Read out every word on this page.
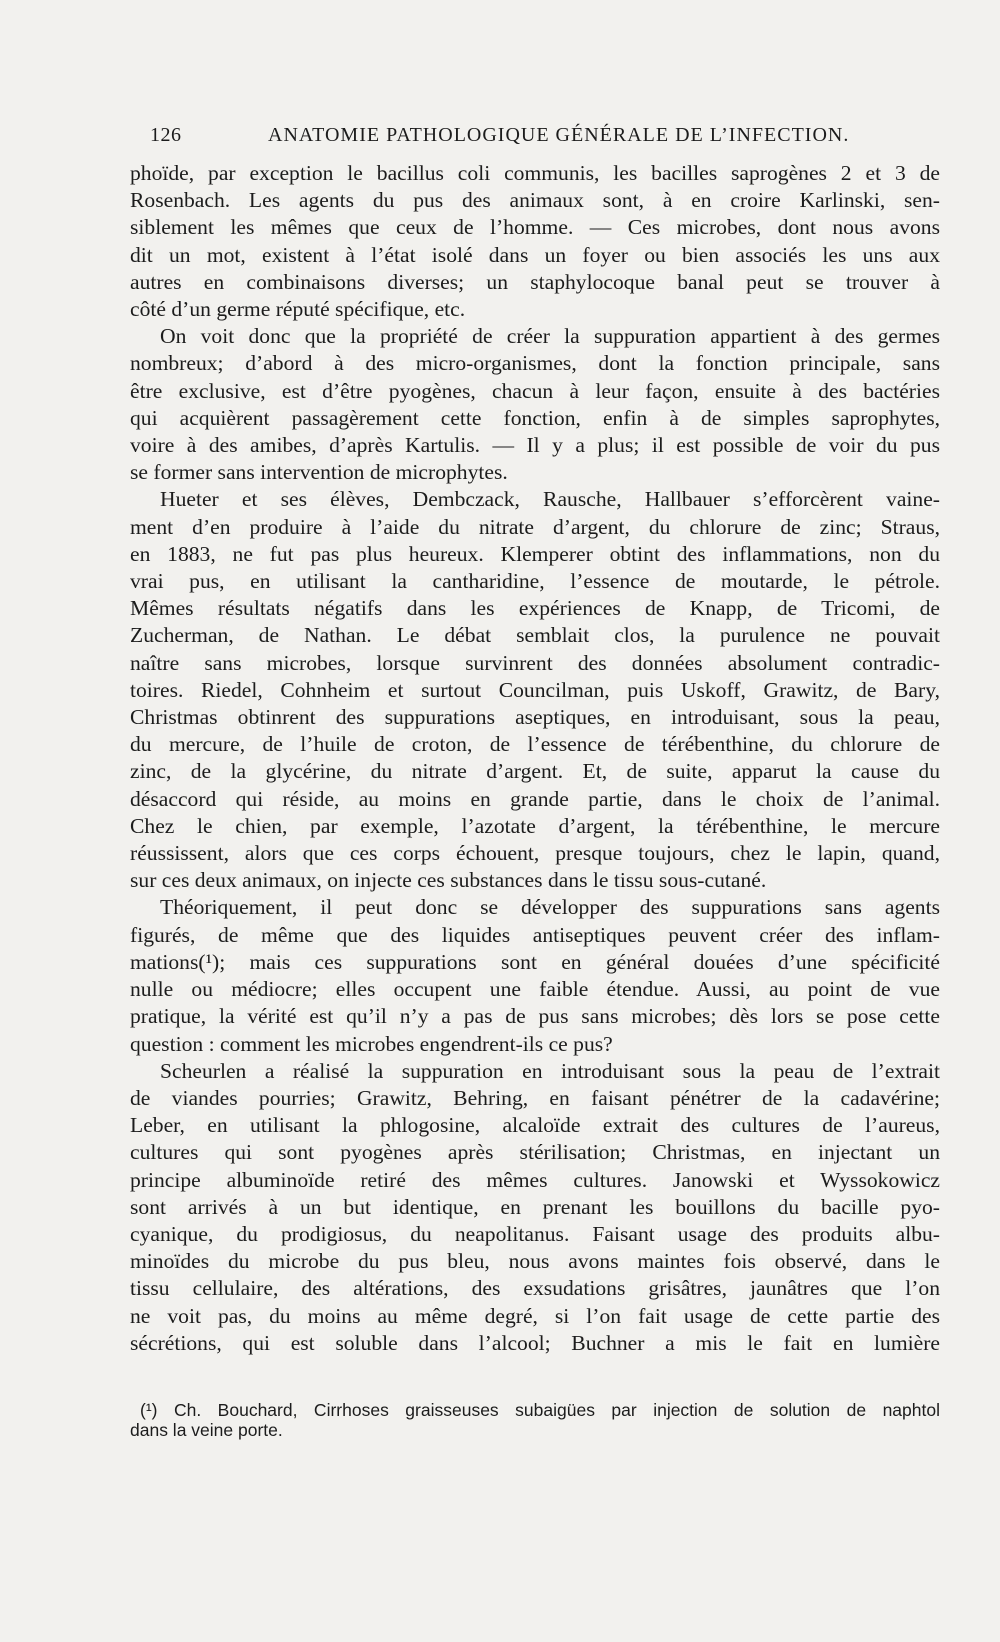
126	ANATOMIE PATHOLOGIQUE GÉNÉRALE DE L’INFECTION.
phoïde, par exception le bacillus coli communis, les bacilles saprogènes 2 et 3 de
Rosenbach. Les agents du pus des animaux sont, à en croire Karlinski, sen-
siblement les mêmes que ceux de l’homme. — Ces microbes, dont nous avons
dit un mot, existent à l’état isolé dans un foyer ou bien associés les uns aux
autres en combinaisons diverses; un staphylocoque banal peut se trouver à
côté d’un germe réputé spécifique, etc.
On voit donc que la propriété de créer la suppuration appartient à des germes
nombreux; d’abord à des micro-organismes, dont la fonction principale, sans
être exclusive, est d’être pyogènes, chacun à leur façon, ensuite à des bactéries
qui acquièrent passagèrement cette fonction, enfin à de simples saprophytes,
voire à des amibes, d’après Kartulis. — Il y a plus; il est possible de voir du pus
se former sans intervention de microphytes.
Hueter et ses élèves, Dembczack, Rausche, Hallbauer s’efforcèrent vaine-
ment d’en produire à l’aide du nitrate d’argent, du chlorure de zinc; Straus,
en 1883, ne fut pas plus heureux. Klemperer obtint des inflammations, non du
vrai pus, en utilisant la cantharidine, l’essence de moutarde, le pétrole.
Mêmes résultats négatifs dans les expériences de Knapp, de Tricomi, de
Zucherman, de Nathan. Le débat semblait clos, la purulence ne pouvait
naître sans microbes, lorsque survinrent des données absolument contradic-
toires. Riedel, Cohnheim et surtout Councilman, puis Uskoff, Grawitz, de Bary,
Christmas obtinrent des suppurations aseptiques, en introduisant, sous la peau,
du mercure, de l’huile de croton, de l’essence de térébenthine, du chlorure de
zinc, de la glycérine, du nitrate d’argent. Et, de suite, apparut la cause du
désaccord qui réside, au moins en grande partie, dans le choix de l’animal.
Chez le chien, par exemple, l’azotate d’argent, la térébenthine, le mercure
réussissent, alors que ces corps échouent, presque toujours, chez le lapin, quand,
sur ces deux animaux, on injecte ces substances dans le tissu sous-cutané.
Théoriquement, il peut donc se développer des suppurations sans agents
figurés, de même que des liquides antiseptiques peuvent créer des inflam-
mations(¹); mais ces suppurations sont en général douées d’une spécificité
nulle ou médiocre; elles occupent une faible étendue. Aussi, au point de vue
pratique, la vérité est qu’il n’y a pas de pus sans microbes; dès lors se pose cette
question : comment les microbes engendrent-ils ce pus?
Scheurlen a réalisé la suppuration en introduisant sous la peau de l’extrait
de viandes pourries; Grawitz, Behring, en faisant pénétrer de la cadavérine;
Leber, en utilisant la phlogosine, alcaloïde extrait des cultures de l’aureus,
cultures qui sont pyogènes après stérilisation; Christmas, en injectant un
principe albuminoïde retiré des mêmes cultures. Janowski et Wyssokowicz
sont arrivés à un but identique, en prenant les bouillons du bacille pyo-
cyanique, du prodigiosus, du neapolitanus. Faisant usage des produits albu-
minoïdes du microbe du pus bleu, nous avons maintes fois observé, dans le
tissu cellulaire, des altérations, des exsudations grisâtres, jaunâtres que l’on
ne voit pas, du moins au même degré, si l’on fait usage de cette partie des
sécrétions, qui est soluble dans l’alcool; Buchner a mis le fait en lumière
(¹) Ch. Bouchard, Cirrhoses graisseuses subaigües par injection de solution de naphtol
dans la veine porte.
